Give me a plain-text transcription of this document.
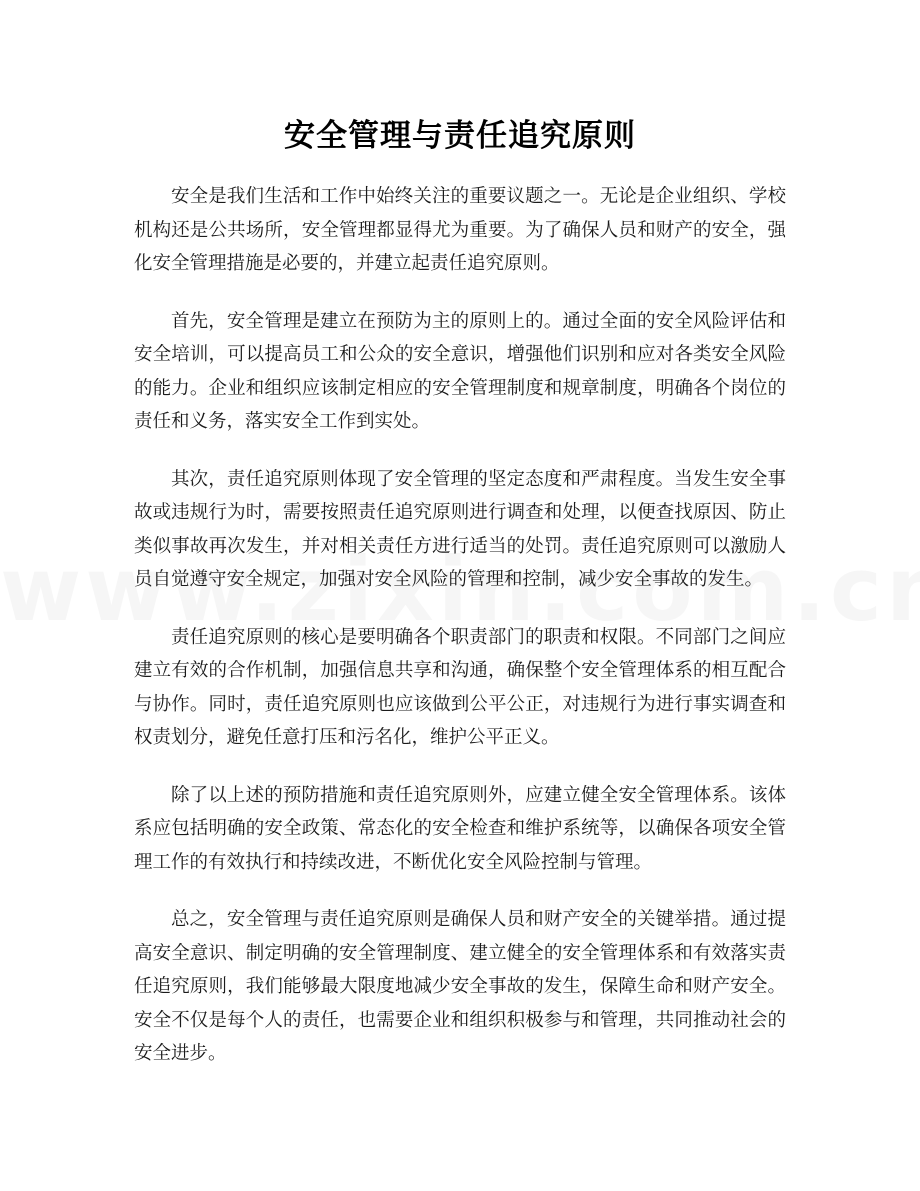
安全管理与责任追究原则

安全是我们生活和工作中始终关注的重要议题之一。无论是企业组织、学校机构还是公共场所，安全管理都显得尤为重要。为了确保人员和财产的安全，强化安全管理措施是必要的，并建立起责任追究原则。

首先，安全管理是建立在预防为主的原则上的。通过全面的安全风险评估和安全培训，可以提高员工和公众的安全意识，增强他们识别和应对各类安全风险的能力。企业和组织应该制定相应的安全管理制度和规章制度，明确各个岗位的责任和义务，落实安全工作到实处。

其次，责任追究原则体现了安全管理的坚定态度和严肃程度。当发生安全事故或违规行为时，需要按照责任追究原则进行调查和处理，以便查找原因、防止类似事故再次发生，并对相关责任方进行适当的处罚。责任追究原则可以激励人员自觉遵守安全规定，加强对安全风险的管理和控制，减少安全事故的发生。

责任追究原则的核心是要明确各个职责部门的职责和权限。不同部门之间应建立有效的合作机制，加强信息共享和沟通，确保整个安全管理体系的相互配合与协作。同时，责任追究原则也应该做到公平公正，对违规行为进行事实调查和权责划分，避免任意打压和污名化，维护公平正义。

除了以上述的预防措施和责任追究原则外，应建立健全安全管理体系。该体系应包括明确的安全政策、常态化的安全检查和维护系统等，以确保各项安全管理工作的有效执行和持续改进，不断优化安全风险控制与管理。

总之，安全管理与责任追究原则是确保人员和财产安全的关键举措。通过提高安全意识、制定明确的安全管理制度、建立健全的安全管理体系和有效落实责任追究原则，我们能够最大限度地减少安全事故的发生，保障生命和财产安全。安全不仅是每个人的责任，也需要企业和组织积极参与和管理，共同推动社会的安全进步。
